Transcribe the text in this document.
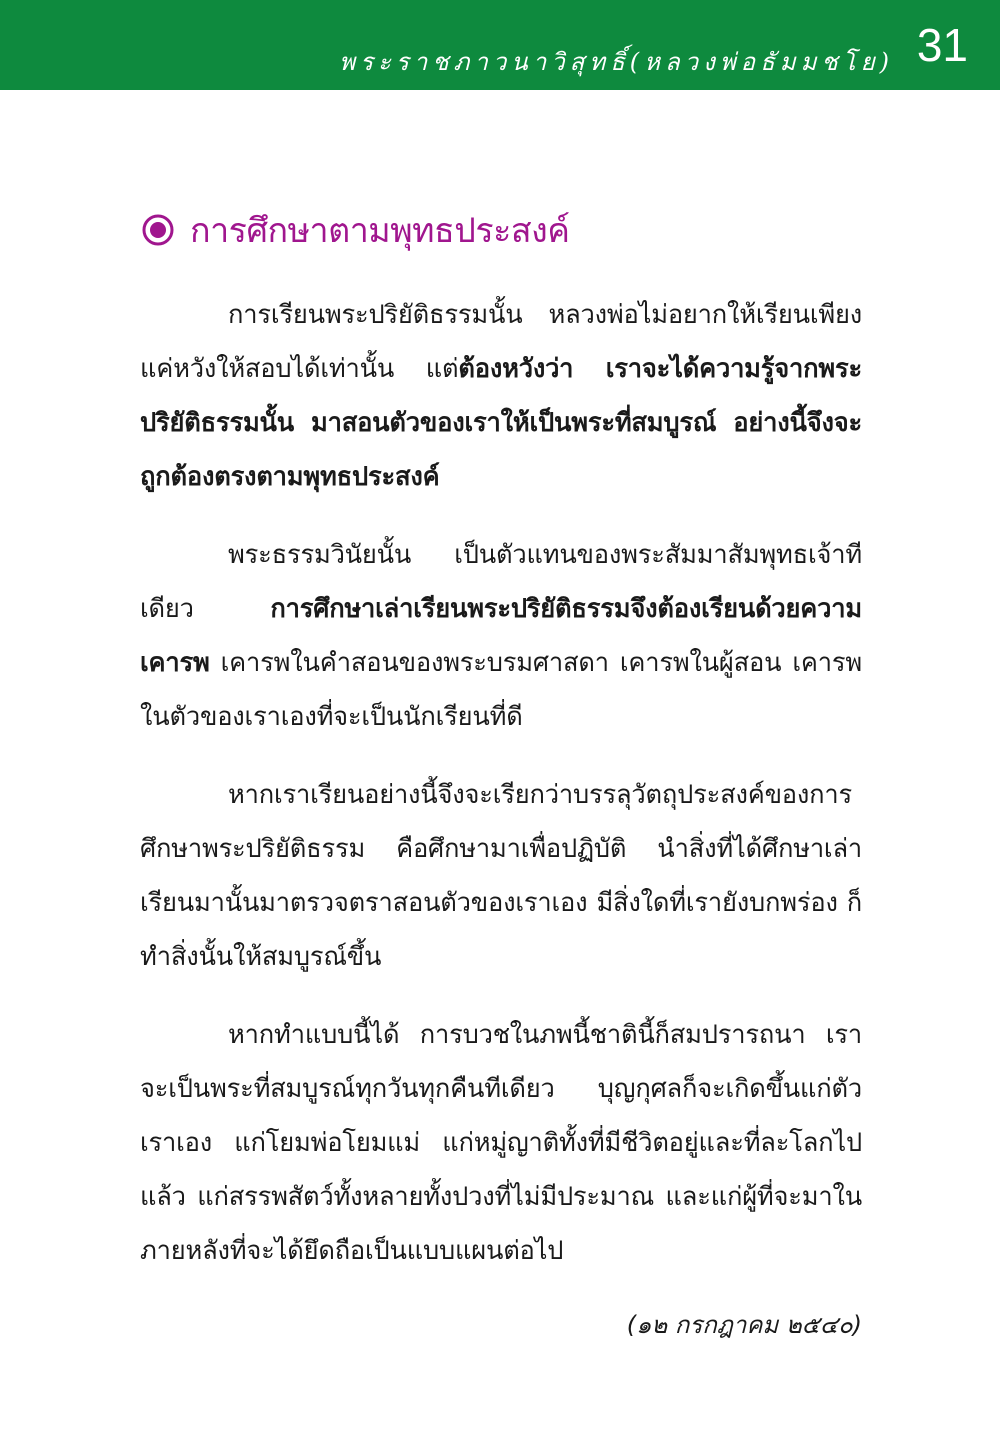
พระราชภาวนาวิสุทธิ์(หลวงพ่อธัมมชโย) 31
การศึกษาตามพุทธประสงค์

การเรียนพระปริยัติธรรมนั้น หลวงพ่อไม่อยากให้เรียนเพียงแค่หวังให้สอบได้เท่านั้น แต่ต้องหวังว่า เราจะได้ความรู้จากพระปริยัติธรรมนั้น มาสอนตัวของเราให้เป็นพระที่สมบูรณ์ อย่างนี้จึงจะถูกต้องตรงตามพุทธประสงค์

พระธรรมวินัยนั้น เป็นตัวแทนของพระสัมมาสัมพุทธเจ้าทีเดียว การศึกษาเล่าเรียนพระปริยัติธรรมจึงต้องเรียนด้วยความเคารพ เคารพในคำสอนของพระบรมศาสดา เคารพในผู้สอน เคารพในตัวของเราเองที่จะเป็นนักเรียนที่ดี

หากเราเรียนอย่างนี้จึงจะเรียกว่าบรรลุวัตถุประสงค์ของการศึกษาพระปริยัติธรรม คือศึกษามาเพื่อปฏิบัติ นำสิ่งที่ได้ศึกษาเล่าเรียนมานั้นมาตรวจตราสอนตัวของเราเอง มีสิ่งใดที่เรายังบกพร่อง ก็ทำสิ่งนั้นให้สมบูรณ์ขึ้น

หากทำแบบนี้ได้ การบวชในภพนี้ชาตินี้ก็สมปรารถนา เราจะเป็นพระที่สมบูรณ์ทุกวันทุกคืนทีเดียว บุญกุศลก็จะเกิดขึ้นแก่ตัวเราเอง แก่โยมพ่อโยมแม่ แก่หมู่ญาติทั้งที่มีชีวิตอยู่และที่ละโลกไปแล้ว แก่สรรพสัตว์ทั้งหลายทั้งปวงที่ไม่มีประมาณ และแก่ผู้ที่จะมาในภายหลังที่จะได้ยึดถือเป็นแบบแผนต่อไป

(๑๒ กรกฎาคม ๒๕๔๐)
